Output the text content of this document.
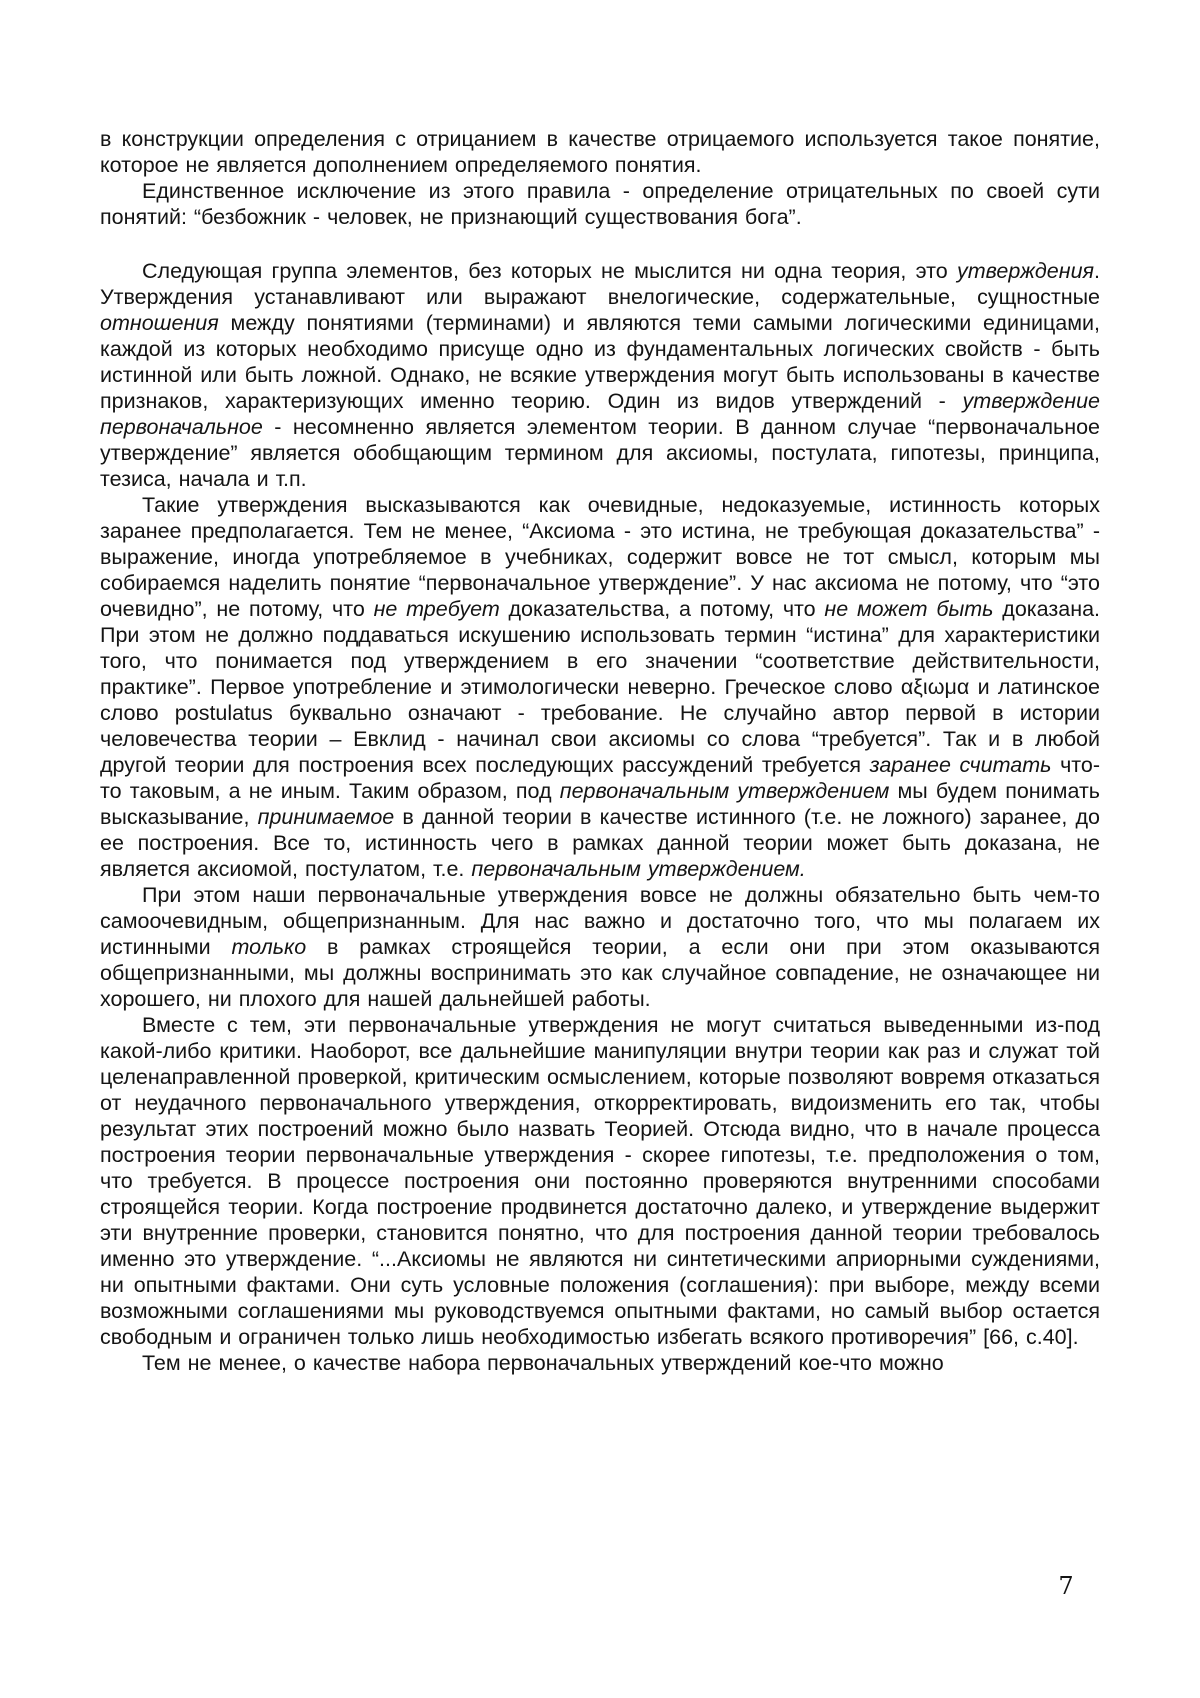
в конструкции определения с отрицанием в качестве отрицаемого используется такое понятие, которое не является дополнением определяемого понятия.

Единственное исключение из этого правила - определение отрицательных по своей сути понятий: “безбожник - человек, не признающий существования бога”.

Следующая группа элементов, без которых не мыслится ни одна теория, это утверждения. Утверждения устанавливают или выражают внелогические, содержательные, сущностные отношения между понятиями (терминами) и являются теми самыми логическими единицами, каждой из которых необходимо присуще одно из фундаментальных логических свойств - быть истинной или быть ложной. Однако, не всякие утверждения могут быть использованы в качестве признаков, характеризующих именно теорию. Один из видов утверждений - утверждение первоначальное - несомненно является элементом теории. В данном случае “первоначальное утверждение” является обобщающим термином для аксиомы, постулата, гипотезы, принципа, тезиса, начала и т.п.

Такие утверждения высказываются как очевидные, недоказуемые, истинность которых заранее предполагается. Тем не менее, “Аксиома - это истина, не требующая доказательства” - выражение, иногда употребляемое в учебниках, содержит вовсе не тот смысл, которым мы собираемся наделить понятие “первоначальное утверждение”. У нас аксиома не потому, что “это очевидно”, не потому, что не требует доказательства, а потому, что не может быть доказана. При этом не должно поддаваться искушению использовать термин “истина” для характеристики того, что понимается под утверждением в его значении “соответствие действительности, практике”. Первое употребление и этимологически неверно. Греческое слово αξιωμα и латинское слово postulatus буквально означают - требование. Не случайно автор первой в истории человечества теории – Евклид - начинал свои аксиомы со слова “требуется”. Так и в любой другой теории для построения всех последующих рассуждений требуется заранее считать что-то таковым, а не иным. Таким образом, под первоначальным утверждением мы будем понимать высказывание, принимаемое в данной теории в качестве истинного (т.е. не ложного) заранее, до ее построения. Все то, истинность чего в рамках данной теории может быть доказана, не является аксиомой, постулатом, т.е. первоначальным утверждением.

При этом наши первоначальные утверждения вовсе не должны обязательно быть чем-то самоочевидным, общепризнанным. Для нас важно и достаточно того, что мы полагаем их истинными только в рамках строящейся теории, а если они при этом оказываются общепризнанными, мы должны воспринимать это как случайное совпадение, не означающее ни хорошего, ни плохого для нашей дальнейшей работы.

Вместе с тем, эти первоначальные утверждения не могут считаться выведенными из-под какой-либо критики. Наоборот, все дальнейшие манипуляции внутри теории как раз и служат той целенаправленной проверкой, критическим осмыслением, которые позволяют вовремя отказаться от неудачного первоначального утверждения, откорректировать, видоизменить его так, чтобы результат этих построений можно было назвать Теорией. Отсюда видно, что в начале процесса построения теории первоначальные утверждения - скорее гипотезы, т.е. предположения о том, что требуется. В процессе построения они постоянно проверяются внутренними способами строящейся теории. Когда построение продвинется достаточно далеко, и утверждение выдержит эти внутренние проверки, становится понятно, что для построения данной теории требовалось именно это утверждение. “...Аксиомы не являются ни синтетическими априорными суждениями, ни опытными фактами. Они суть условные положения (соглашения): при выборе, между всеми возможными соглашениями мы руководствуемся опытными фактами, но самый выбор остается свободным и ограничен только лишь необходимостью избегать всякого противоречия” [66, с.40].

Тем не менее, о качестве набора первоначальных утверждений кое-что можно

7
